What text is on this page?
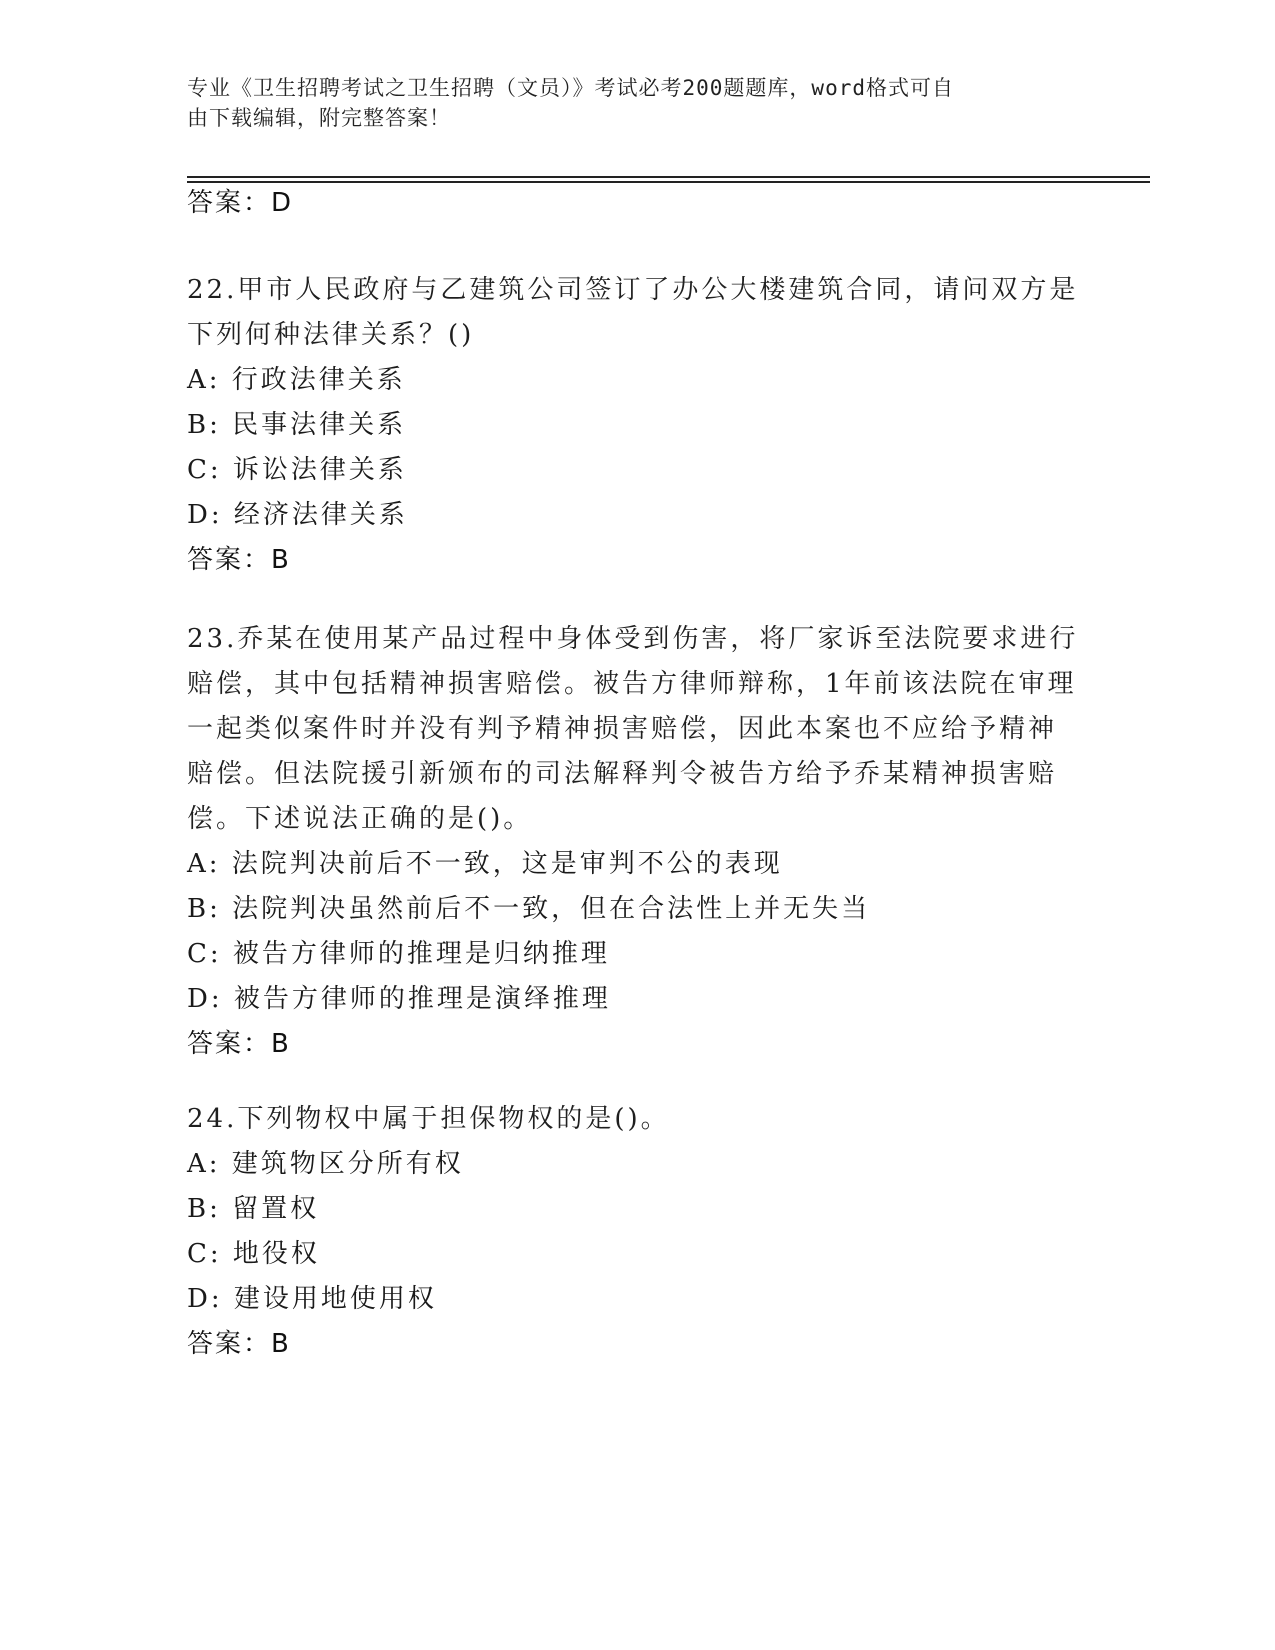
专业《卫生招聘考试之卫生招聘（文员）》考试必考200题题库，word格式可自
由下载编辑，附完整答案！
答案：D
22.甲市人民政府与乙建筑公司签订了办公大楼建筑合同，请问双方是
下列何种法律关系？()
A: 行政法律关系
B: 民事法律关系
C: 诉讼法律关系
D: 经济法律关系
答案：B
23.乔某在使用某产品过程中身体受到伤害，将厂家诉至法院要求进行
赔偿，其中包括精神损害赔偿。被告方律师辩称，1年前该法院在审理
一起类似案件时并没有判予精神损害赔偿，因此本案也不应给予精神
赔偿。但法院援引新颁布的司法解释判令被告方给予乔某精神损害赔
偿。下述说法正确的是()。
A: 法院判决前后不一致，这是审判不公的表现
B: 法院判决虽然前后不一致，但在合法性上并无失当
C: 被告方律师的推理是归纳推理
D: 被告方律师的推理是演绎推理
答案：B
24.下列物权中属于担保物权的是()。
A: 建筑物区分所有权
B: 留置权
C: 地役权
D: 建设用地使用权
答案：B
